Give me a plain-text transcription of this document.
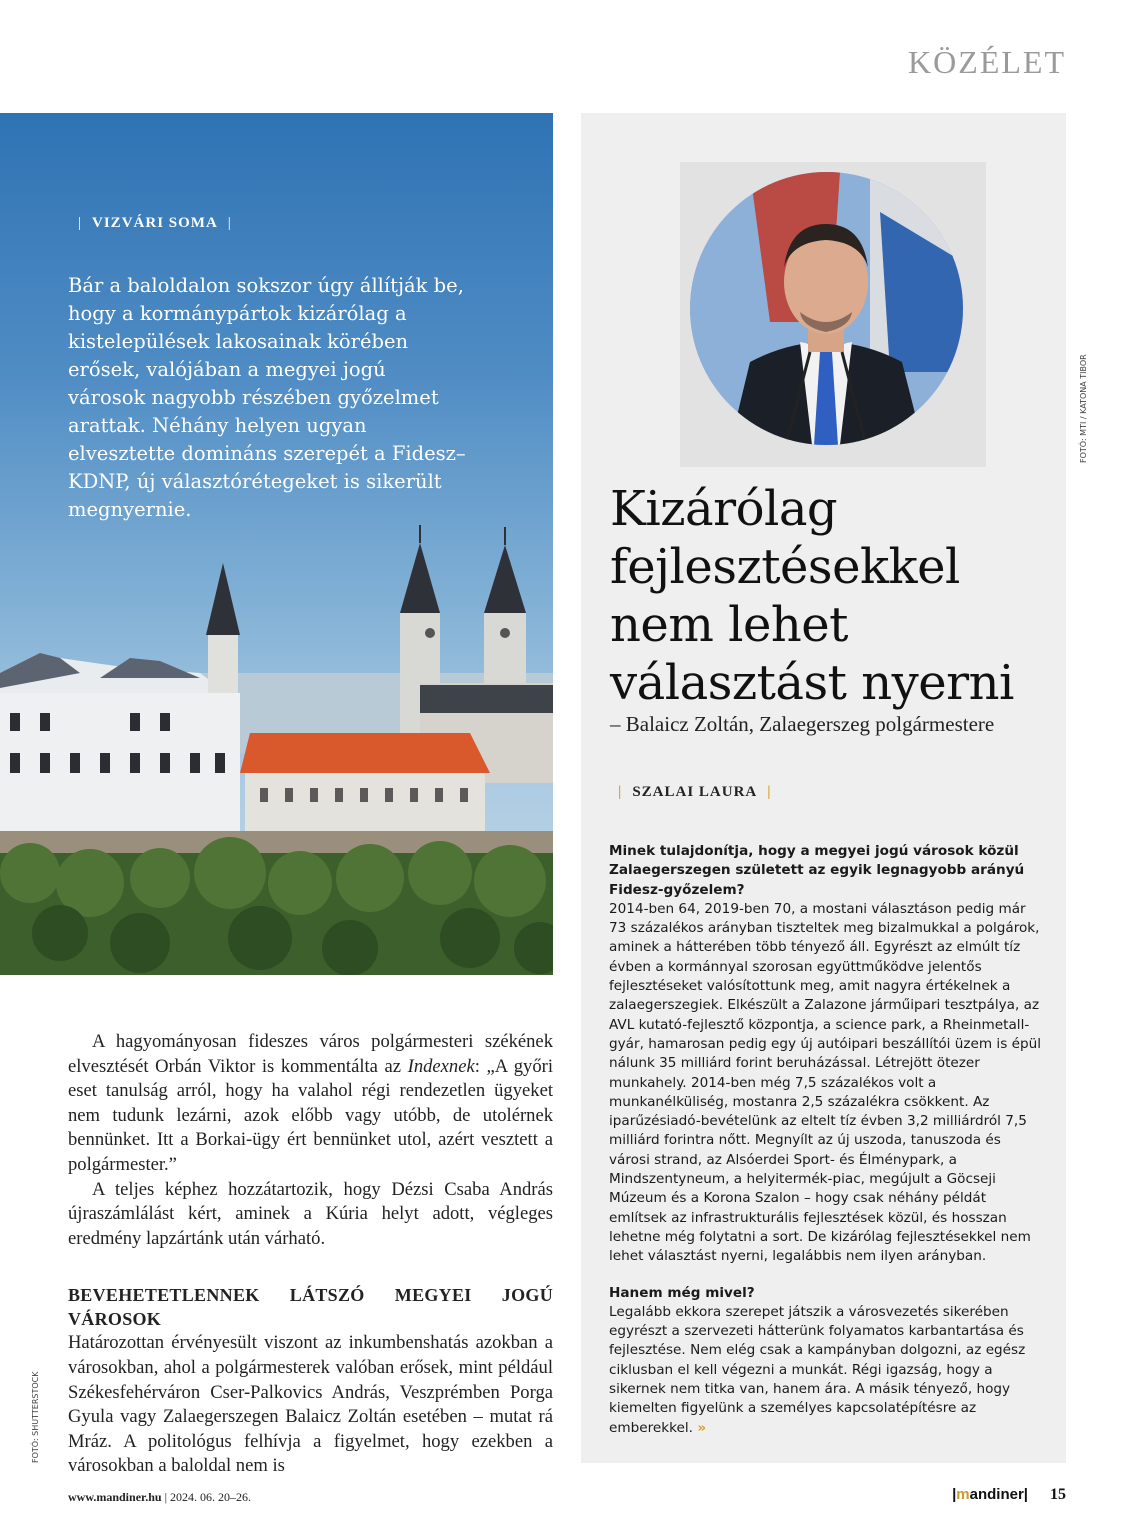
KÖZÉLET
| VIZVÁRI SOMA |
Bár a baloldalon sokszor úgy állítják be, hogy a kormánypártok kizárólag a kistelepülések lakosainak körében erősek, valójában a megyei jogú városok nagyobb részében győzelmet arattak. Néhány helyen ugyan elvesztette domináns szerepét a Fidesz–KDNP, új választórétegeket is sikerült megnyernie.
FOTÓ: SHUTTERSTOCK
FOTÓ: MTI / KATONA TIBOR
Kizárólag fejlesztésekkel nem lehet választást nyerni
– Balaicz Zoltán, Zalaegerszeg polgármestere
| SZALAI LAURA |

Minek tulajdonítja, hogy a megyei jogú városok közül Zalaegerszegen született az egyik legnagyobb arányú Fidesz-győzelem?

2014-ben 64, 2019-ben 70, a mostani választáson pedig már 73 százalékos arányban tiszteltek meg bizalmukkal a polgárok, aminek a hátterében több tényező áll. Egyrészt az elmúlt tíz évben a kormánnyal szorosan együttműködve jelentős fejlesztéseket valósítottunk meg, amit nagyra értékelnek a zalaegerszegiek. Elkészült a Zalazone járműipari tesztpálya, az AVL kutató-fejlesztő központja, a science park, a Rheinmetall-gyár, hamarosan pedig egy új autóipari beszállítói üzem is épül nálunk 35 milliárd forint beruházással. Létrejött ötezer munkahely. 2014-ben még 7,5 százalékos volt a munkanélküliség, mostanra 2,5 százalékra csökkent. Az iparűzésiadó-bevételünk az eltelt tíz évben 3,2 milliárdról 7,5 milliárd forintra nőtt. Megnyílt az új uszoda, tanuszoda és városi strand, az Alsóerdei Sport- és Élménypark, a Mindszentyneum, a helyitermék-piac, megújult a Göcseji Múzeum és a Korona Szalon – hogy csak néhány példát említsek az infrastrukturális fejlesztések közül, és hosszan lehetne még folytatni a sort. De kizárólag fejlesztésekkel nem lehet választást nyerni, legalábbis nem ilyen arányban.

Hanem még mivel?

Legalább ekkora szerepet játszik a városvezetés sikerében egyrészt a szervezeti hátterünk folyamatos karbantartása és fejlesztése. Nem elég csak a kampányban dolgozni, az egész ciklusban el kell végezni a munkát. Régi igazság, hogy a sikernek nem titka van, hanem ára. A másik tényező, hogy kiemelten figyelünk a személyes kapcsolatépítésre az emberekkel. »

A hagyományosan fideszes város polgármesteri székének elvesztését Orbán Viktor is kommentálta az Indexnek: „A győri eset tanulság arról, hogy ha valahol régi rendezetlen ügyeket nem tudunk lezárni, azok előbb vagy utóbb, de utolérnek bennünket. Itt a Borkai-ügy ért bennünket utol, azért vesztett a polgármester.”

A teljes képhez hozzátartozik, hogy Dézsi Csaba András újraszámlálást kért, aminek a Kúria helyt adott, végleges eredmény lapzártánk után várható.

BEVEHETETLENNEK LÁTSZÓ MEGYEI JOGÚ VÁROSOK

Határozottan érvényesült viszont az inkumbenshatás azokban a városokban, ahol a polgármesterek valóban erősek, mint például Székesfehérváron Cser-Palkovics András, Veszprémben Porga Gyula vagy Zalaegerszegen Balaicz Zoltán esetében – mutat rá Mráz. A politológus felhívja a figyelmet, hogy ezekben a városokban a baloldal nem is

www.mandiner.hu | 2024. 06. 20–26.	|mandiner| 15
